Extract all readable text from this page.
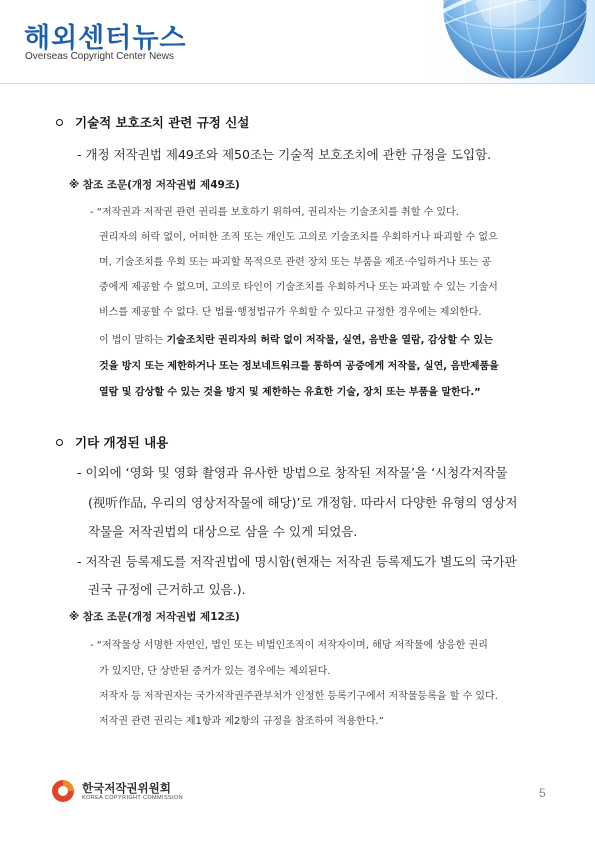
해외센터뉴스
Overseas Copyright Center News
기술적 보호조치 관련 규정 신설
- 개정 저작권법 제49조와 제50조는 기술적 보호조치에 관한 규정을 도입함.
※ 참조 조문(개정 저작권법 제49조)
- “저작권과 저작권 관련 권리를 보호하기 위하여, 권리자는 기술조치를 취할 수 있다.
권리자의 허락 없이, 어떠한 조직 또는 개인도 고의로 기술조치를 우회하거나 파괴할 수 없으
며, 기술조치를 우회 또는 파괴할 목적으로 관련 장치 또는 부품을 제조·수입하거나 또는 공
중에게 제공할 수 없으며, 고의로 타인이 기술조치를 우회하거나 또는 파괴할 수 있는 기술서
비스를 제공할 수 없다. 단 법률·행정법규가 우회할 수 있다고 규정한 경우에는 제외한다.
이 법이 말하는 기술조치란 권리자의 허락 없이 저작물, 실연, 음반을 열람, 감상할 수 있는
것을 방지 또는 제한하거나 또는 정보네트워크를 통하여 공중에게 저작물, 실연, 음반제품을
열람 및 감상할 수 있는 것을 방지 및 제한하는 유효한 기술, 장치 또는 부품을 말한다.”
기타 개정된 내용
- 이외에 ‘영화 및 영화 촬영과 유사한 방법으로 창작된 저작물’을 ‘시청각저작물
(视听作品, 우리의 영상저작물에 해당)’로 개정함. 따라서 다양한 유형의 영상저
작물을 저작권법의 대상으로 삼을 수 있게 되었음.
- 저작권 등록제도를 저작권법에 명시함(현재는 저작권 등록제도가 별도의 국가판
권국 규정에 근거하고 있음.).
※ 참조 조문(개정 저작권법 제12조)
- “저작물상 서명한 자연인, 법인 또는 비법인조직이 저작자이며, 해당 저작물에 상응한 권리
가 있지만, 단 상반된 증거가 있는 경우에는 제외된다.
저작자 등 저작권자는 국가저작권주관부처가 인정한 등록기구에서 저작물등록을 할 수 있다.
저작권 관련 권리는 제1항과 제2항의 규정을 참조하여 적용한다.”
한국저작권위원회
KOREA COPYRIGHT COMMISSION	5
